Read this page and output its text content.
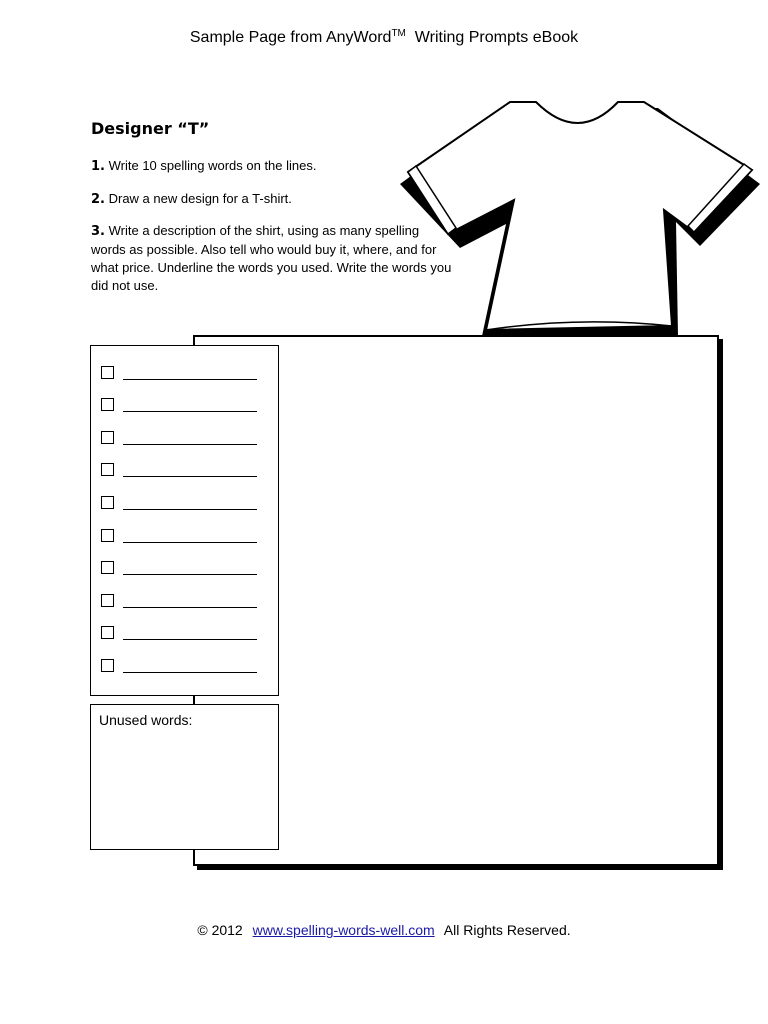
Sample Page from AnyWord™ Writing Prompts eBook
Designer “T”
1. Write 10 spelling words on the lines.
2. Draw a new design for a T-shirt.
3. Write a description of the shirt, using as many spelling words as possible. Also tell who would buy it, where, and for what price. Underline the words you used. Write the words you did not use.
Unused words:
© 2012 www.spelling-words-well.com All Rights Reserved.
